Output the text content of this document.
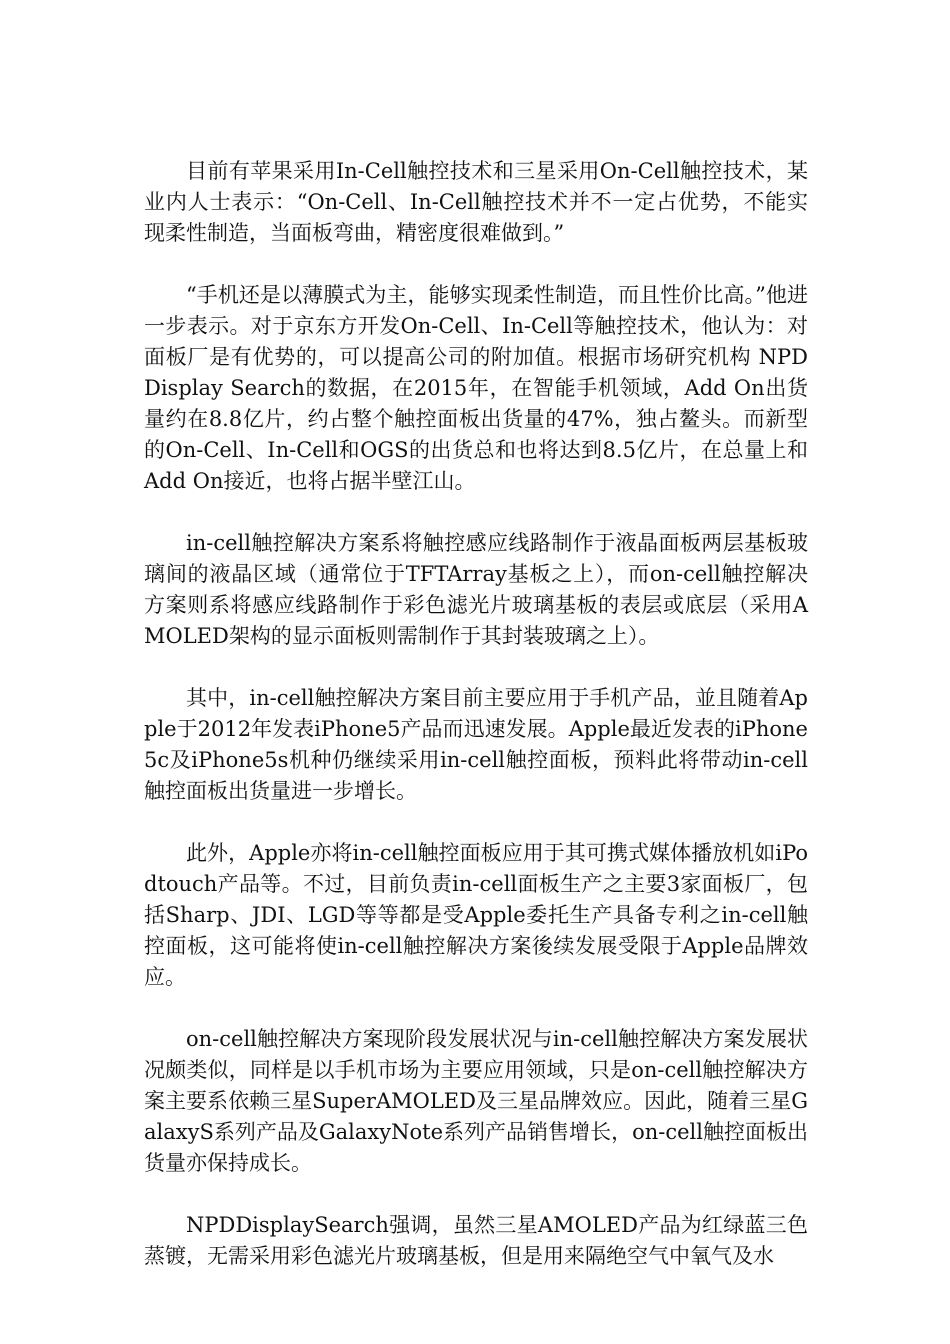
目前有苹果采用In-Cell触控技术和三星采用On-Cell触控技术，某业内人士表示：“On-Cell、In-Cell触控技术并不一定占优势，不能实现柔性制造，当面板弯曲，精密度很难做到。”

“手机还是以薄膜式为主，能够实现柔性制造，而且性价比高。”他进一步表示。对于京东方开发On-Cell、In-Cell等触控技术，他认为：对面板厂是有优势的，可以提高公司的附加值。根据市场研究机构 NPD Display Search的数据，在2015年，在智能手机领域，Add On出货量约在8.8亿片，约占整个触控面板出货量的47%，独占鳌头。而新型的On-Cell、In-Cell和OGS的出货总和也将达到8.5亿片，在总量上和Add On接近，也将占据半壁江山。

in-cell触控解决方案系将触控感应线路制作于液晶面板两层基板玻璃间的液晶区域（通常位于TFTArray基板之上），而on-cell触控解决方案则系将感应线路制作于彩色滤光片玻璃基板的表层或底层（采用AMOLED架构的显示面板则需制作于其封装玻璃之上）。

其中，in-cell触控解决方案目前主要应用于手机产品，並且随着Apple于2012年发表iPhone5产品而迅速发展。Apple最近发表的iPhone5c及iPhone5s机种仍继续采用in-cell触控面板，预料此将带动in-cell触控面板出货量进一步增长。

此外，Apple亦将in-cell触控面板应用于其可携式媒体播放机如iPodtouch产品等。不过，目前负责in-cell面板生产之主要3家面板厂，包括Sharp、JDI、LGD等等都是受Apple委托生产具备专利之in-cell触控面板，这可能将使in-cell触控解决方案後续发展受限于Apple品牌效应。

on-cell触控解决方案现阶段发展状况与in-cell触控解决方案发展状况颇类似，同样是以手机市场为主要应用领域，只是on-cell触控解决方案主要系依赖三星SuperAMOLED及三星品牌效应。因此，随着三星GalaxyS系列产品及GalaxyNote系列产品销售增长，on-cell触控面板出货量亦保持成长。

NPDDisplaySearch强调，虽然三星AMOLED产品为红绿蓝三色蒸镀，无需采用彩色滤光片玻璃基板，但是用来隔绝空气中氧气及水
